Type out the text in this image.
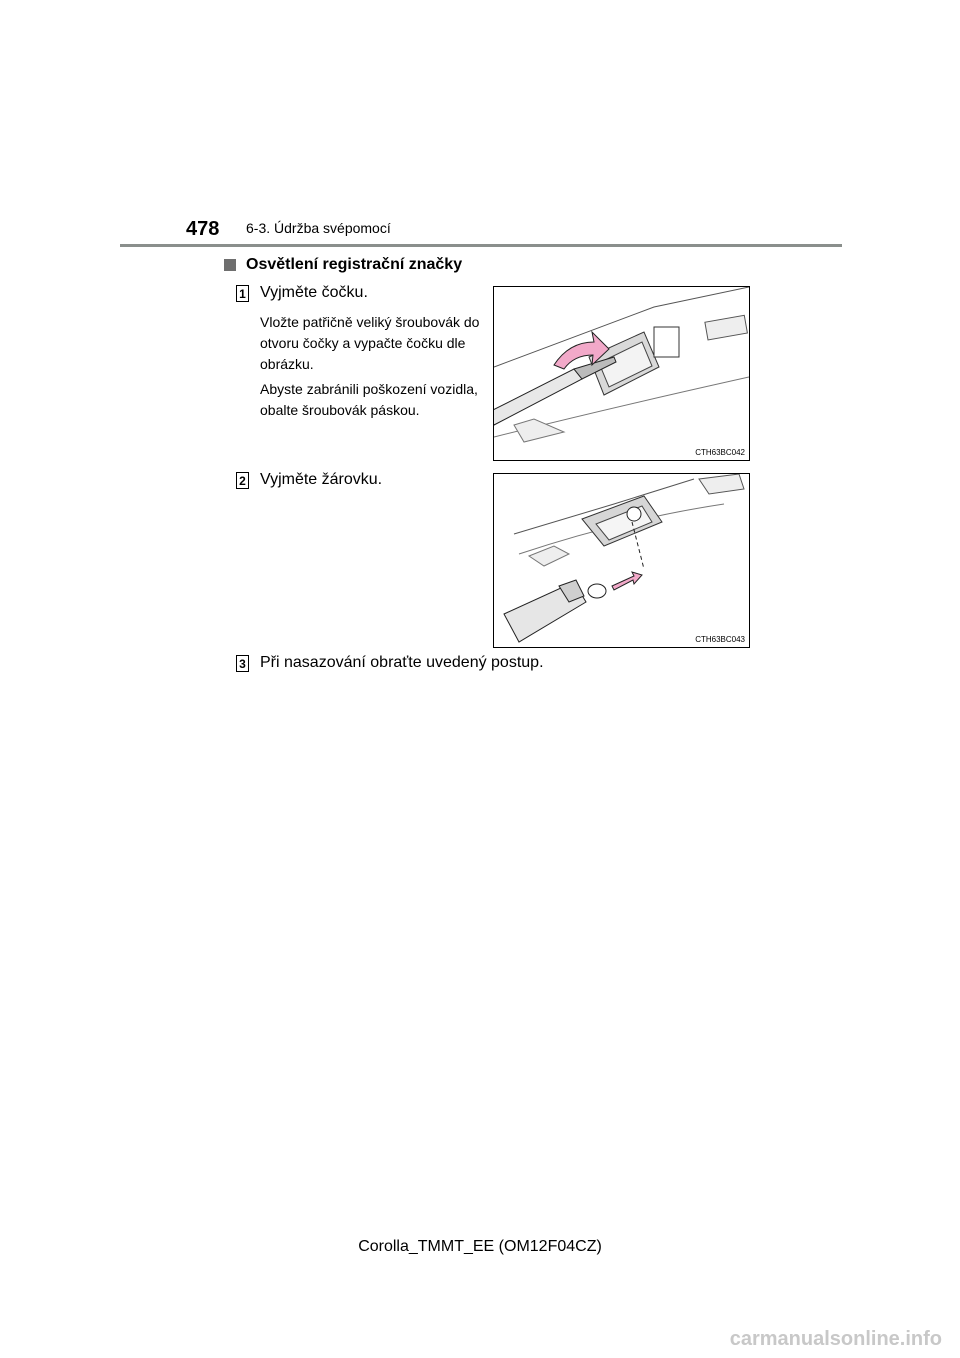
478 6-3. Údržba svépomocí
Osvětlení registrační značky
1 Vyjměte čočku.
Vložte patřičně veliký šroubovák do otvoru čočky a vypačte čočku dle obrázku.
Abyste zabránili poškození vozidla, obalte šroubovák páskou.
CTH63BC042
2 Vyjměte žárovku.
CTH63BC043
3 Při nasazování obraťte uvedený postup.
Corolla_TMMT_EE (OM12F04CZ)
carmanualsonline.info
